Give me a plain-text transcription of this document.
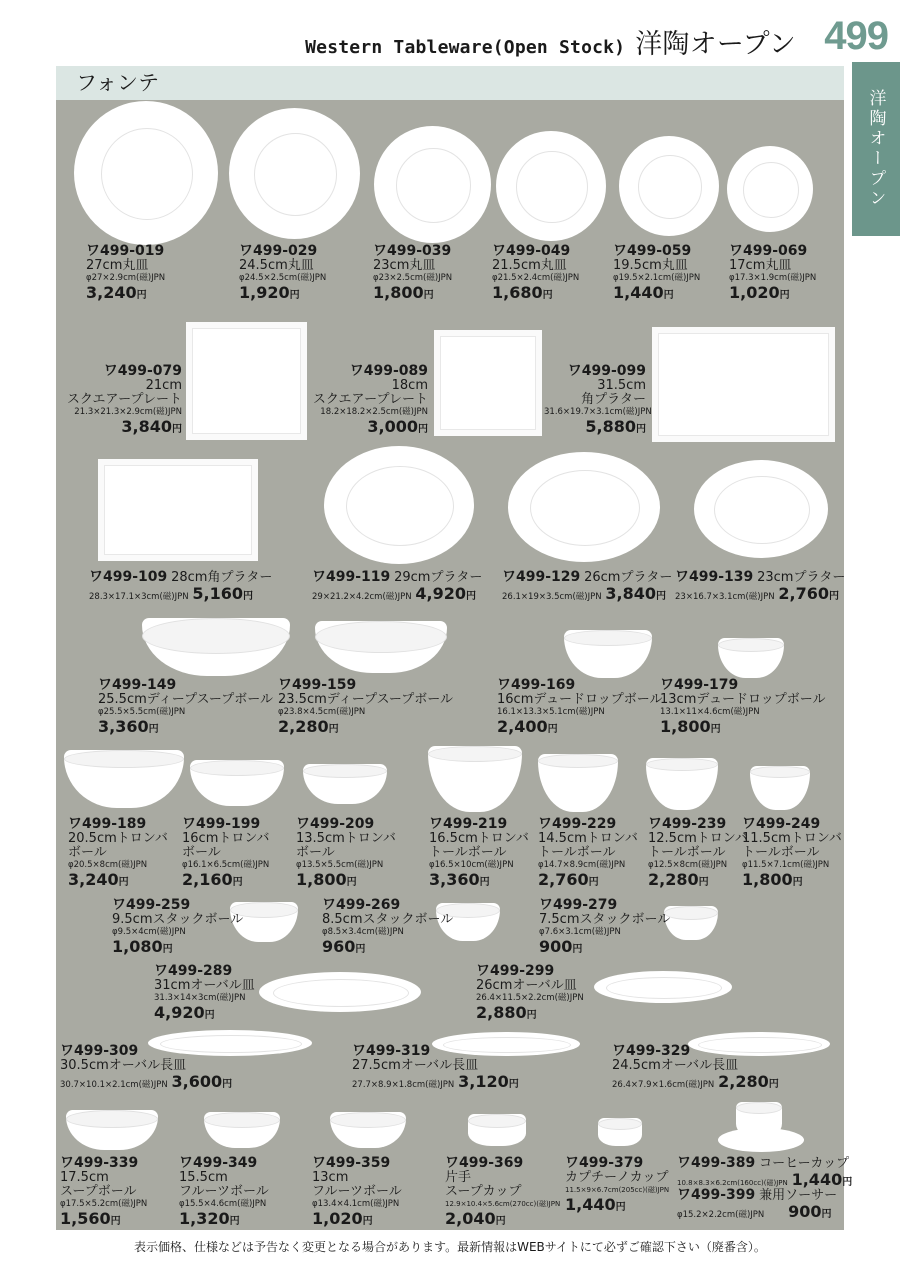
Western Tableware(Open Stock) 洋陶オープン 499
洋陶オープン
フォンテ
ワ499-019
27cm丸皿
φ27×2.9cm(磁)JPN
3,240円
ワ499-029
24.5cm丸皿
φ24.5×2.5cm(磁)JPN
1,920円
ワ499-039
23cm丸皿
φ23×2.5cm(磁)JPN
1,800円
ワ499-049
21.5cm丸皿
φ21.5×2.4cm(磁)JPN
1,680円
ワ499-059
19.5cm丸皿
φ19.5×2.1cm(磁)JPN
1,440円
ワ499-069
17cm丸皿
φ17.3×1.9cm(磁)JPN
1,020円
ワ499-079
21cm
スクエアープレート
21.3×21.3×2.9cm(磁)JPN
3,840円
ワ499-089
18cm
スクエアープレート
18.2×18.2×2.5cm(磁)JPN
3,000円
ワ499-099
31.5cm
角プラター
31.6×19.7×3.1cm(磁)JPN
5,880円
ワ499-109 28cm角プラター
28.3×17.1×3cm(磁)JPN 5,160円
ワ499-119 29cmプラター
29×21.2×4.2cm(磁)JPN 4,920円
ワ499-129 26cmプラター
26.1×19×3.5cm(磁)JPN 3,840円
ワ499-139 23cmプラター
23×16.7×3.1cm(磁)JPN 2,760円
ワ499-149
25.5cmディープスープボール
φ25.5×5.5cm(磁)JPN
3,360円
ワ499-159
23.5cmディープスープボール
φ23.8×4.5cm(磁)JPN
2,280円
ワ499-169
16cmデュードロップボール
16.1×13.3×5.1cm(磁)JPN
2,400円
ワ499-179
13cmデュードロップボール
13.1×11×4.6cm(磁)JPN
1,800円
ワ499-189
20.5cmトロンバ
ボール
φ20.5×8cm(磁)JPN
3,240円
ワ499-199
16cmトロンバ
ボール
φ16.1×6.5cm(磁)JPN
2,160円
ワ499-209
13.5cmトロンバ
ボール
φ13.5×5.5cm(磁)JPN
1,800円
ワ499-219
16.5cmトロンバ
トールボール
φ16.5×10cm(磁)JPN
3,360円
ワ499-229
14.5cmトロンバ
トールボール
φ14.7×8.9cm(磁)JPN
2,760円
ワ499-239
12.5cmトロンバ
トールボール
φ12.5×8cm(磁)JPN
2,280円
ワ499-249
11.5cmトロンバ
トールボール
φ11.5×7.1cm(磁)JPN
1,800円
ワ499-259
9.5cmスタックボール
φ9.5×4cm(磁)JPN
1,080円
ワ499-269
8.5cmスタックボール
φ8.5×3.4cm(磁)JPN
960円
ワ499-279
7.5cmスタックボール
φ7.6×3.1cm(磁)JPN
900円
ワ499-289
31cmオーバル皿
31.3×14×3cm(磁)JPN
4,920円
ワ499-299
26cmオーバル皿
26.4×11.5×2.2cm(磁)JPN
2,880円
ワ499-309
30.5cmオーバル長皿
30.7×10.1×2.1cm(磁)JPN 3,600円
ワ499-319
27.5cmオーバル長皿
27.7×8.9×1.8cm(磁)JPN 3,120円
ワ499-329
24.5cmオーバル長皿
26.4×7.9×1.6cm(磁)JPN 2,280円
ワ499-339
17.5cm
スープボール
φ17.5×5.2cm(磁)JPN
1,560円
ワ499-349
15.5cm
フルーツボール
φ15.5×4.6cm(磁)JPN
1,320円
ワ499-359
13cm
フルーツボール
φ13.4×4.1cm(磁)JPN
1,020円
ワ499-369
片手
スープカップ
12.9×10.4×5.6cm(270cc)(磁)JPN
2,040円
ワ499-379
カプチーノカップ
11.5×9×6.7cm(205cc)(磁)JPN
1,440円
ワ499-389 コーヒーカップ
10.8×8.3×6.2cm(160cc)(磁)JPN 1,440円
ワ499-399 兼用ソーサー
φ15.2×2.2cm(磁)JPN 900円
表示価格、仕様などは予告なく変更となる場合があります。最新情報はWEBサイトにて必ずご確認下さい（廃番含）。
